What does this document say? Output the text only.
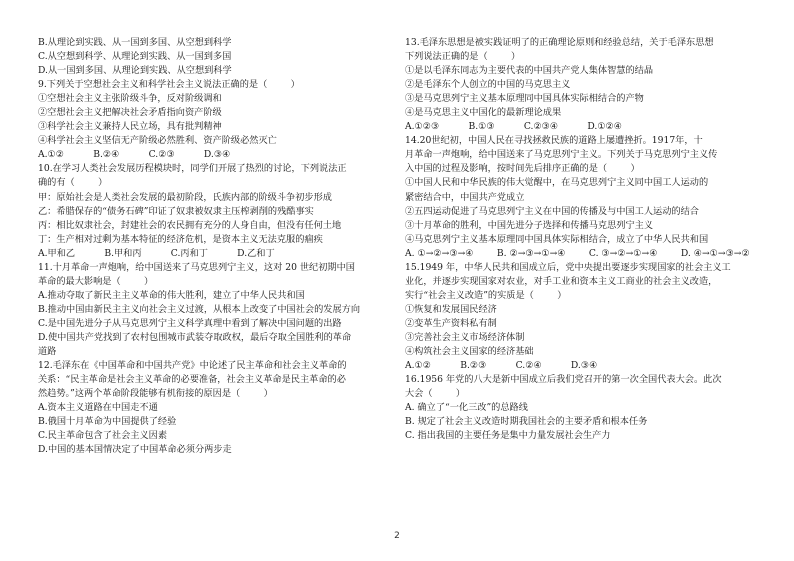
B.从理论到实践、从一国到多国、从空想到科学
C.从空想到科学、从理论到实践、从一国到多国
D.从一国到多国、从理论到实践、从空想到科学
9.下列关于空想社会主义和科学社会主义说法正确的是（        ）
①空想社会主义主张阶级斗争，反对阶级调和
②空想社会主义把解决社会矛盾指向资产阶级
③科学社会主义兼持人民立场，具有批判精神
④科学社会主义坚信无产阶级必然胜利、资产阶级必然灭亡
A.①②          B.②④          C.②③          D.③④
10.在学习人类社会发展历程模块时，同学们开展了热烈的讨论，下列说法正
确的有（        ）
甲：原始社会是人类社会发展的最初阶段，氏族内部的阶级斗争初步形成
乙：希腊保存的“债务石碑”印证了奴隶被奴隶主压榨剥削的残酷事实
丙：相比奴隶社会，封建社会的农民拥有充分的人身自由，但没有任何土地
丁：生产相对过剩为基本特征的经济危机，是资本主义无法克服的痼疾
A.甲和乙          B.甲和丙          C.丙和丁          D.乙和丁
11.十月革命一声炮响，给中国送来了马克思列宁主义，这对 20 世纪初期中国
革命的最大影响是（        ）
A.推动夺取了新民主主义革命的伟大胜利，建立了中华人民共和国
B.推动中国由新民主主义向社会主义过渡，从根本上改变了中国社会的发展方向
C.是中国先进分子从马克思列宁主义科学真理中看到了解决中国问题的出路
D.使中国共产党找到了农村包围城市武装夺取政权，最后夺取全国胜利的革命
道路
12.毛泽东在《中国革命和中国共产党》中论述了民主革命和社会主义革命的
关系：“民主革命是社会主义革命的必要准备，社会主义革命是民主革命的必
然趋势。”这两个革命阶段能够有机衔接的原因是（        ）
A.资本主义道路在中国走不通
B.俄国十月革命为中国提供了经验
C.民主革命包含了社会主义因素
D.中国的基本国情决定了中国革命必须分两步走
13.毛泽东思想是被实践证明了的正确理论原则和经验总结，关于毛泽东思想
下列说法正确的是（        ）
①是以毛泽东同志为主要代表的中国共产党人集体智慧的结晶
②是毛泽东个人创立的中国的马克思主义
③是马克思列宁主义基本原理同中国具体实际相结合的产物
④是马克思主义中国化的最新理论成果
A.①②③          B.①③          C.②③④          D.①②④
14.20世纪初，中国人民在寻找拯救民族的道路上屡遭挫折。1917年，十
月革命一声炮响，给中国送来了马克思列宁主义。下列关于马克思列宁主义传
入中国的过程及影响，按时间先后排序正确的是（        ）
①中国人民和中华民族的伟大觉醒中，在马克思列宁主义同中国工人运动的
紧密结合中，中国共产党成立
②五四运动促进了马克思列宁主义在中国的传播及与中国工人运动的结合
③十月革命的胜利，中国先进分子选择和传播马克思列宁主义
④马克思列宁主义基本原理同中国具体实际相结合，成立了中华人民共和国
A. ①→②→③→④        B. ②→③→①→④        C. ③→②→①→④        D. ④→①→③→②
15.1949 年，中华人民共和国成立后，党中央提出要逐步实现国家的社会主义工
业化，并逐步实现国家对农业，对手工业和资本主义工商业的社会主义改造，
实行“社会主义改造”的实质是（        ）
①恢复和发展国民经济
②变革生产资料私有制
③完善社会主义市场经济体制
④构筑社会主义国家的经济基础
A.①②          B.②③          C.②④          D.③④
16.1956 年党的八大是新中国成立后我们党召开的第一次全国代表大会。此次
大会（        ）
A. 确立了“一化三改”的总路线
B. 规定了社会主义改造时期我国社会的主要矛盾和根本任务
C. 指出我国的主要任务是集中力量发展社会生产力
2
